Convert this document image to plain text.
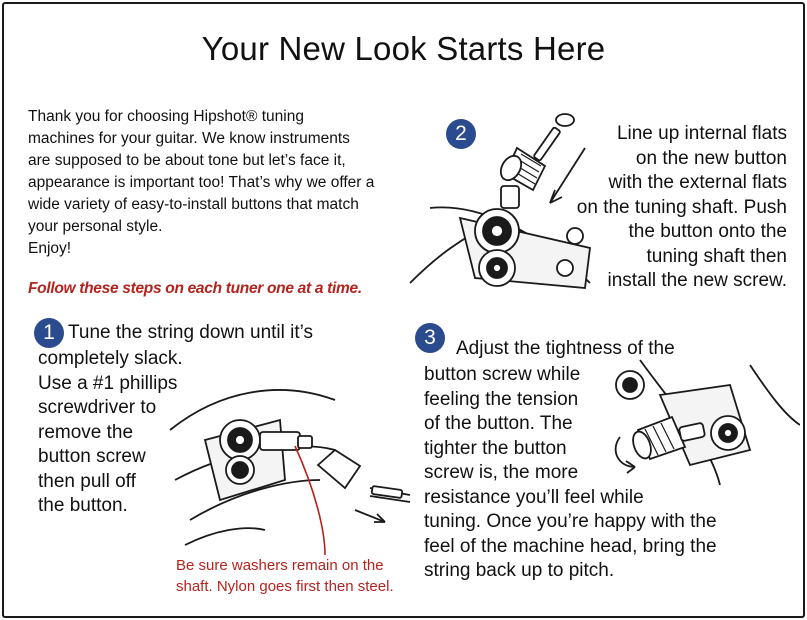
Your New Look Starts Here

Thank you for choosing Hipshot® tuning

machines for your guitar. We know instruments

are supposed to be about tone but let’s face it,

appearance is important too! That’s why we offer a

wide variety of easy-to-install buttons that match

your personal style.

Enjoy!

Follow these steps on each tuner one at a time.
2	Line up internal flats
on the new button
with the external flats
on the tuning shaft. Push
the button onto the
tuning shaft then
install the new screw.
1 Tune the string down until it’s
completely slack.
Use a #1 phillips
screwdriver to
remove the
button screw
then pull off
the button.
Be sure washers remain on the
shaft. Nylon goes first then steel.
3	Adjust the tightness of the
button screw while
feeling the tension
of the button. The
tighter the button
screw is, the more
resistance you’ll feel while
tuning. Once you’re happy with the
feel of the machine head, bring the
string back up to pitch.
